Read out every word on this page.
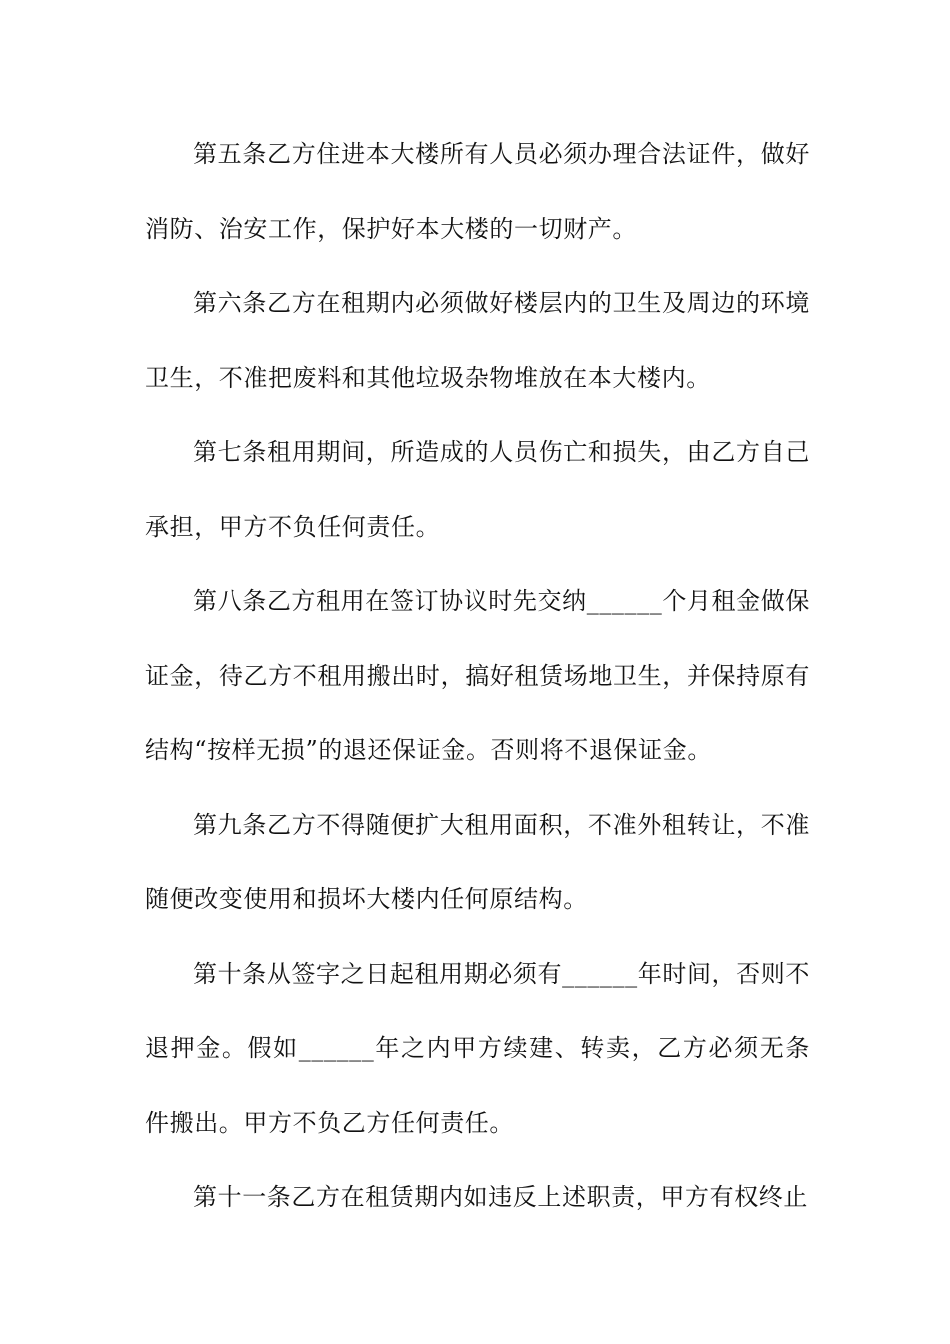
第五条乙方住进本大楼所有人员必须办理合法证件，做好消防、治安工作，保护好本大楼的一切财产。

第六条乙方在租期内必须做好楼层内的卫生及周边的环境卫生，不准把废料和其他垃圾杂物堆放在本大楼内。

第七条租用期间，所造成的人员伤亡和损失，由乙方自己承担，甲方不负任何责任。

第八条乙方租用在签订协议时先交纳______个月租金做保证金，待乙方不租用搬出时，搞好租赁场地卫生，并保持原有结构“按样无损”的退还保证金。否则将不退保证金。

第九条乙方不得随便扩大租用面积，不准外租转让，不准随便改变使用和损坏大楼内任何原结构。

第十条从签字之日起租用期必须有______年时间，否则不退押金。假如______年之内甲方续建、转卖，乙方必须无条件搬出。甲方不负乙方任何责任。

第十一条乙方在租赁期内如违反上述职责，甲方有权终止
